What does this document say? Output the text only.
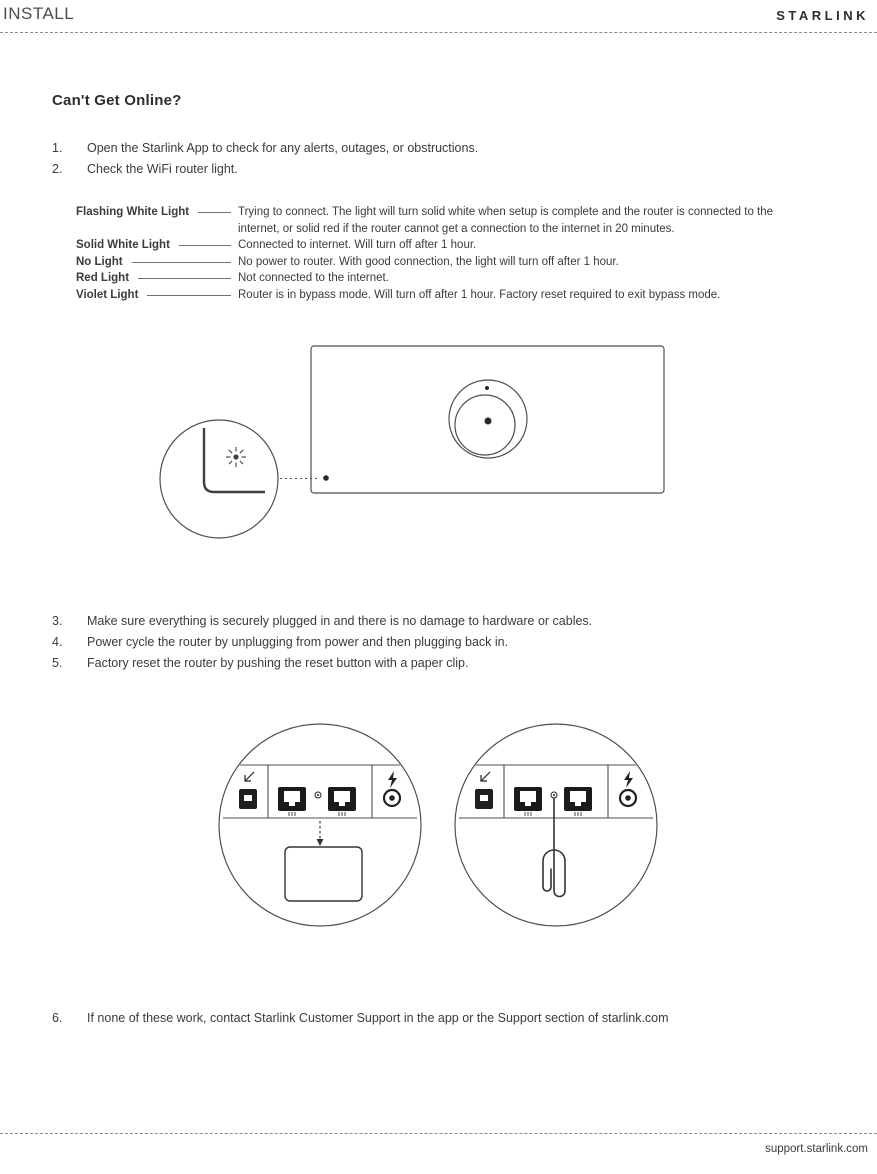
INSTALL	STARLINK
Can't Get Online?
1.	Open the Starlink App to check for any alerts, outages, or obstructions.
2.	Check the WiFi router light.
Flashing White Light	Trying to connect. The light will turn solid white when setup is complete and the router is connected to the internet, or solid red if the router cannot get a connection to the internet in 20 minutes.
Solid White Light	Connected to internet. Will turn off after 1 hour.
No Light	No power to router. With good connection, the light will turn off after 1 hour.
Red Light	Not connected to the internet.
Violet Light	Router is in bypass mode. Will turn off after 1 hour. Factory reset required to exit bypass mode.
3.	Make sure everything is securely plugged in and there is no damage to hardware or cables.
4.	Power cycle the router by unplugging from power and then plugging back in.
5.	Factory reset the router by pushing the reset button with a paper clip.
6.	If none of these work, contact Starlink Customer Support in the app or the Support section of starlink.com
support.starlink.com
